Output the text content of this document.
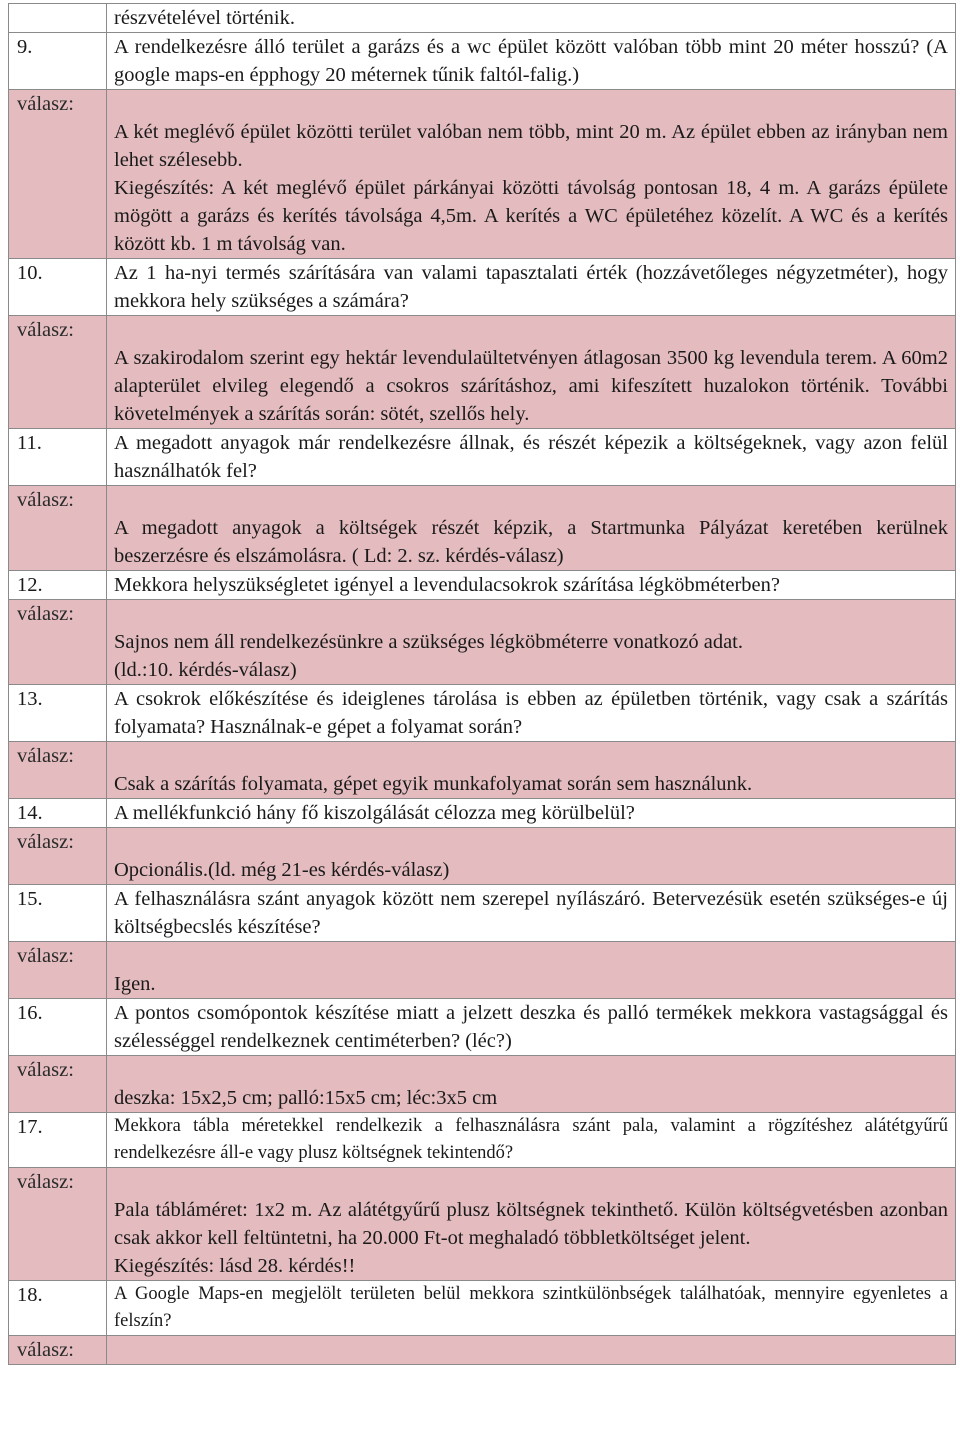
	részvételével történik.
9.	A rendelkezésre álló terület a garázs és a wc épület között valóban több mint 20 méter hosszú? (A google maps-en épphogy 20 méternek tűnik faltól-falig.)
válasz:	A két meglévő épület közötti terület valóban nem több, mint 20 m. Az épület ebben az irányban nem lehet szélesebb.
Kiegészítés: A két meglévő épület párkányai közötti távolság pontosan 18, 4 m. A garázs épülete mögött a garázs és kerítés távolsága 4,5m. A kerítés a WC épületéhez közelít. A WC és a kerítés között kb. 1 m távolság van.

10.	Az 1 ha-nyi termés szárítására van valami tapasztalati érték (hozzávetőleges négyzetméter), hogy mekkora hely szükséges a számára?
válasz:	A szakirodalom szerint egy hektár levendulaültetvényen átlagosan 3500 kg levendula terem. A 60m2 alapterület elvileg elegendő a csokros szárításhoz, ami kifeszített huzalokon történik. További követelmények a szárítás során: sötét, szellős hely.

11.	A megadott anyagok már rendelkezésre állnak, és részét képezik a költségeknek, vagy azon felül használhatók fel?
válasz:	A megadott anyagok a költségek részét képzik, a Startmunka Pályázat keretében kerülnek beszerzésre és elszámolásra. ( Ld: 2. sz. kérdés-válasz)

12.	Mekkora helyszükségletet igényel a levendulacsokrok szárítása légköbméterben?
válasz:	Sajnos nem áll rendelkezésünkre a szükséges légköbméterre vonatkozó adat.
(ld.:10. kérdés-válasz)

13.	A csokrok előkészítése és ideiglenes tárolása is ebben az épületben történik, vagy csak a szárítás folyamata? Használnak-e gépet a folyamat során?
válasz:	Csak a szárítás folyamata, gépet egyik munkafolyamat során sem használunk.

14.	A mellékfunkció hány fő kiszolgálását célozza meg körülbelül?
válasz:	Opcionális.(ld. még 21-es kérdés-válasz)

15.	A felhasználásra szánt anyagok között nem szerepel nyílászáró. Betervezésük esetén szükséges-e új költségbecslés készítése?
válasz:	Igen.

16.	A pontos csomópontok készítése miatt a jelzett deszka és palló termékek mekkora vastagsággal és szélességgel rendelkeznek centiméterben? (léc?)
válasz:	deszka: 15x2,5 cm; palló:15x5 cm; léc:3x5 cm

17.	Mekkora tábla méretekkel rendelkezik a felhasználásra szánt pala, valamint a rögzítéshez alátétgyűrű rendelkezésre áll-e vagy plusz költségnek tekintendő?
válasz:	Pala tábláméret: 1x2 m. Az alátétgyűrű plusz költségnek tekinthető. Külön költségvetésben azonban csak akkor kell feltüntetni, ha 20.000 Ft-ot meghaladó többletköltséget jelent.
Kiegészítés: lásd 28. kérdés!!

18.	A Google Maps-en megjelölt területen belül mekkora szintkülönbségek találhatóak, mennyire egyenletes a felszín?
válasz:	
